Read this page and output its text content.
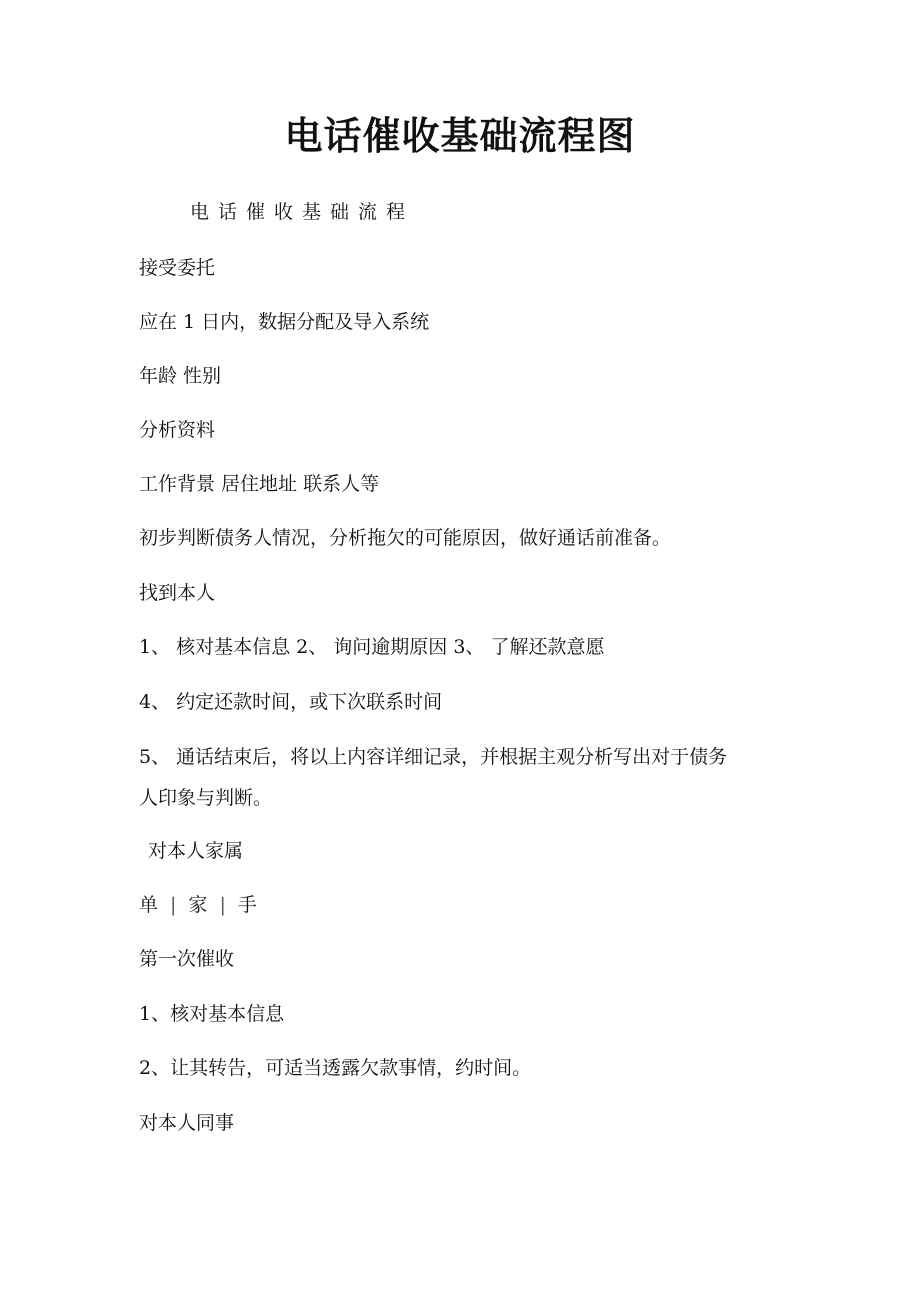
电话催收基础流程图
电话催收基础流程
接受委托
应在 1 日内，数据分配及导入系统
年龄 性别
分析资料
工作背景 居住地址 联系人等
初步判断债务人情况，分析拖欠的可能原因，做好通话前准备。
找到本人
1、 核对基本信息 2、 询问逾期原因 3、 了解还款意愿
4、 约定还款时间，或下次联系时间
5、 通话结束后，将以上内容详细记录，并根据主观分析写出对于债务
人印象与判断。
对本人家属
单 | 家 | 手
第一次催收
1、核对基本信息
2、让其转告，可适当透露欠款事情，约时间。
对本人同事
